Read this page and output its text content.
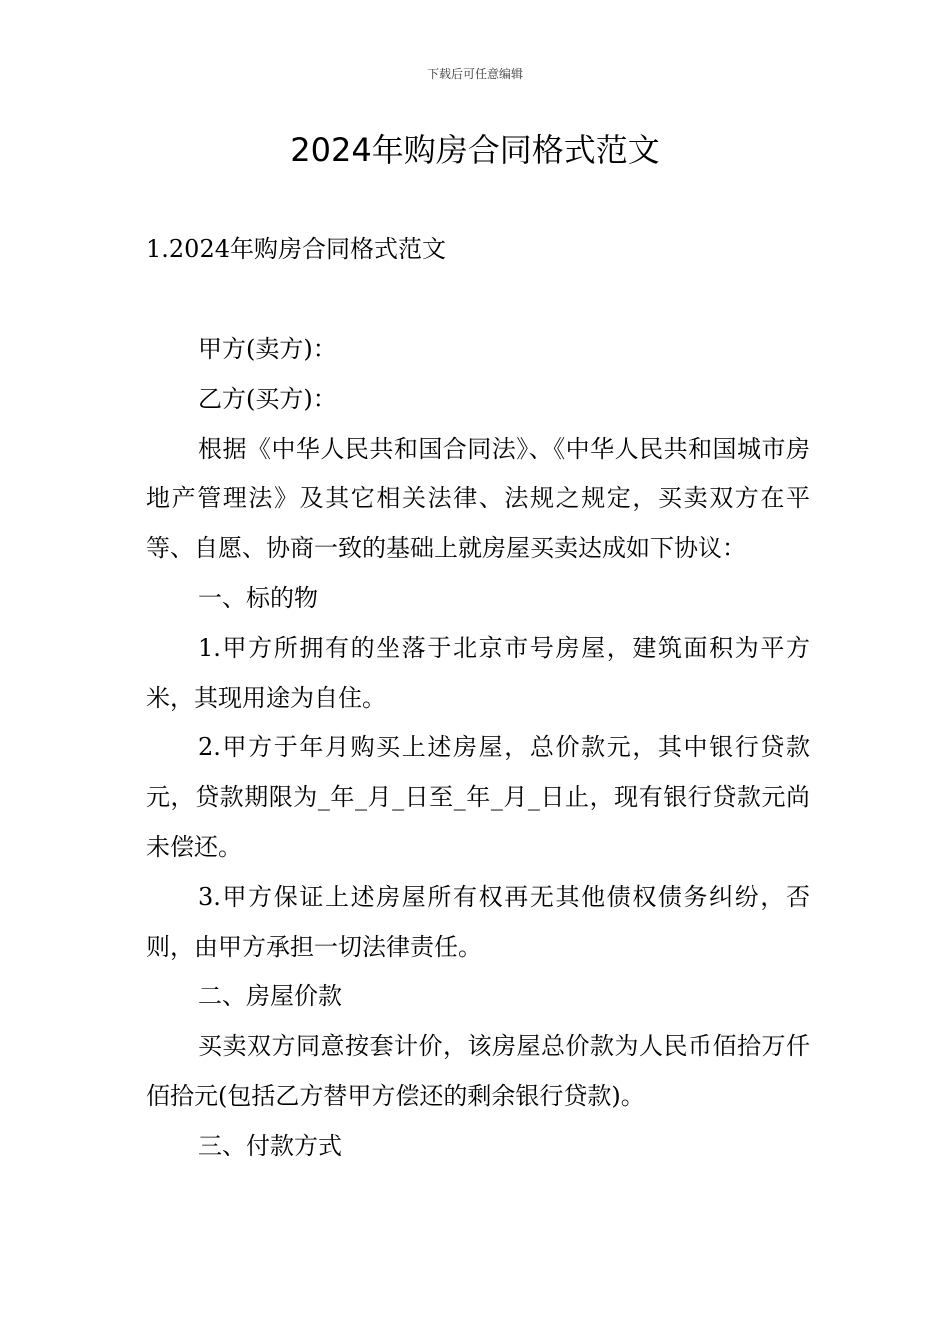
下载后可任意编辑
2024年购房合同格式范文
1.2024年购房合同格式范文

甲方(卖方)：

乙方(买方)：

根据《中华人民共和国合同法》、《中华人民共和国城市房地产管理法》及其它相关法律、法规之规定，买卖双方在平等、自愿、协商一致的基础上就房屋买卖达成如下协议：

一、标的物

1.甲方所拥有的坐落于北京市号房屋，建筑面积为平方米，其现用途为自住。

2.甲方于年月购买上述房屋，总价款元，其中银行贷款元，贷款期限为_年_月_日至_年_月_日止，现有银行贷款元尚未偿还。

3.甲方保证上述房屋所有权再无其他债权债务纠纷，否则，由甲方承担一切法律责任。

二、房屋价款

买卖双方同意按套计价，该房屋总价款为人民币佰拾万仟佰拾元(包括乙方替甲方偿还的剩余银行贷款)。

三、付款方式
